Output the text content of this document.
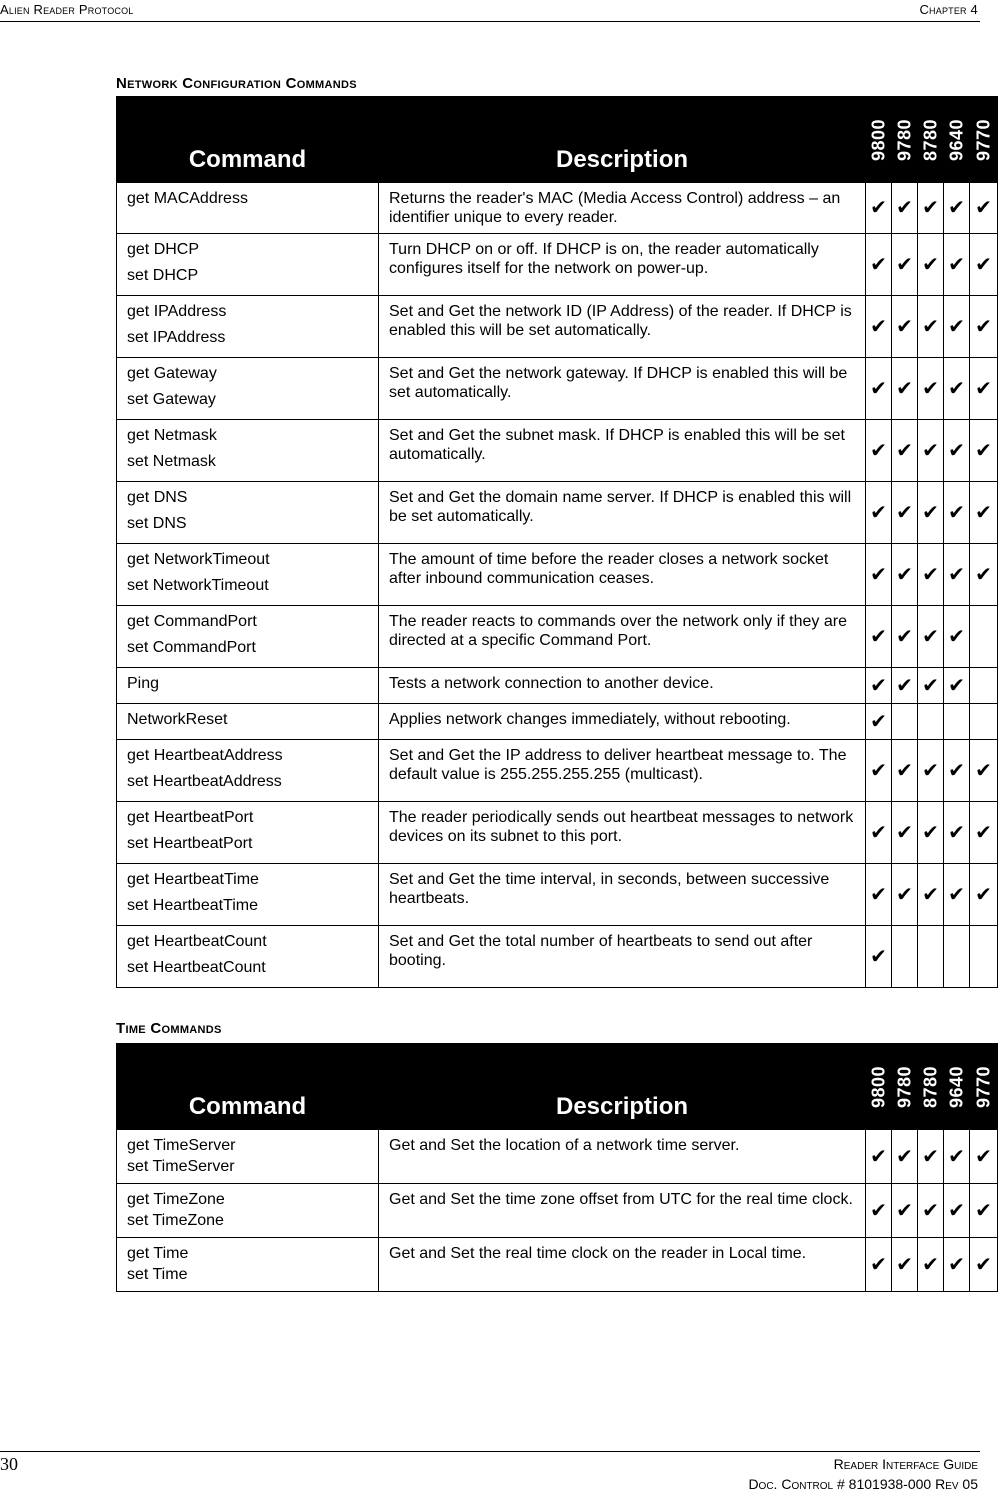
Alien Reader Protocol	Chapter 4
Network Configuration Commands
Command	Description	9800	9780	8780	9640	9770

get MACAddress	Returns the reader's MAC (Media Access Control) address – an identifier unique to every reader.	✔	✔	✔	✔	✔

get DHCP
set DHCP	Turn DHCP on or off. If DHCP is on, the reader automatically configures itself for the network on power-up.	✔	✔	✔	✔	✔

get IPAddress
set IPAddress	Set and Get the network ID (IP Address) of the reader. If DHCP is enabled this will be set automatically.	✔	✔	✔	✔	✔

get Gateway
set Gateway	Set and Get the network gateway. If DHCP is enabled this will be set automatically.	✔	✔	✔	✔	✔

get Netmask
set Netmask	Set and Get the subnet mask. If DHCP is enabled this will be set automatically.	✔	✔	✔	✔	✔

get DNS
set DNS	Set and Get the domain name server. If DHCP is enabled this will be set automatically.	✔	✔	✔	✔	✔

get NetworkTimeout
set NetworkTimeout	The amount of time before the reader closes a network socket after inbound communication ceases.	✔	✔	✔	✔	✔

get CommandPort
set CommandPort	The reader reacts to commands over the network only if they are directed at a specific Command Port.	✔	✔	✔	✔	

Ping	Tests a network connection to another device.	✔	✔	✔	✔	

NetworkReset	Applies network changes immediately, without rebooting.	✔				

get HeartbeatAddress
set HeartbeatAddress	Set and Get the IP address to deliver heartbeat message to. The default value is 255.255.255.255 (multicast).	✔	✔	✔	✔	✔

get HeartbeatPort
set HeartbeatPort	The reader periodically sends out heartbeat messages to network devices on its subnet to this port.	✔	✔	✔	✔	✔

get HeartbeatTime
set HeartbeatTime	Set and Get the time interval, in seconds, between successive heartbeats.	✔	✔	✔	✔	✔

get HeartbeatCount
set HeartbeatCount	Set and Get the total number of heartbeats to send out after booting.	✔				
Time Commands
Command	Description	9800	9780	8780	9640	9770

get TimeServer
set TimeServer	Get and Set the location of a network time server.	✔	✔	✔	✔	✔

get TimeZone
set TimeZone	Get and Set the time zone offset from UTC for the real time clock.	✔	✔	✔	✔	✔

get Time
set Time	Get and Set the real time clock on the reader in Local time.	✔	✔	✔	✔	✔
30	Reader Interface Guide
Doc. Control # 8101938-000 Rev 05
